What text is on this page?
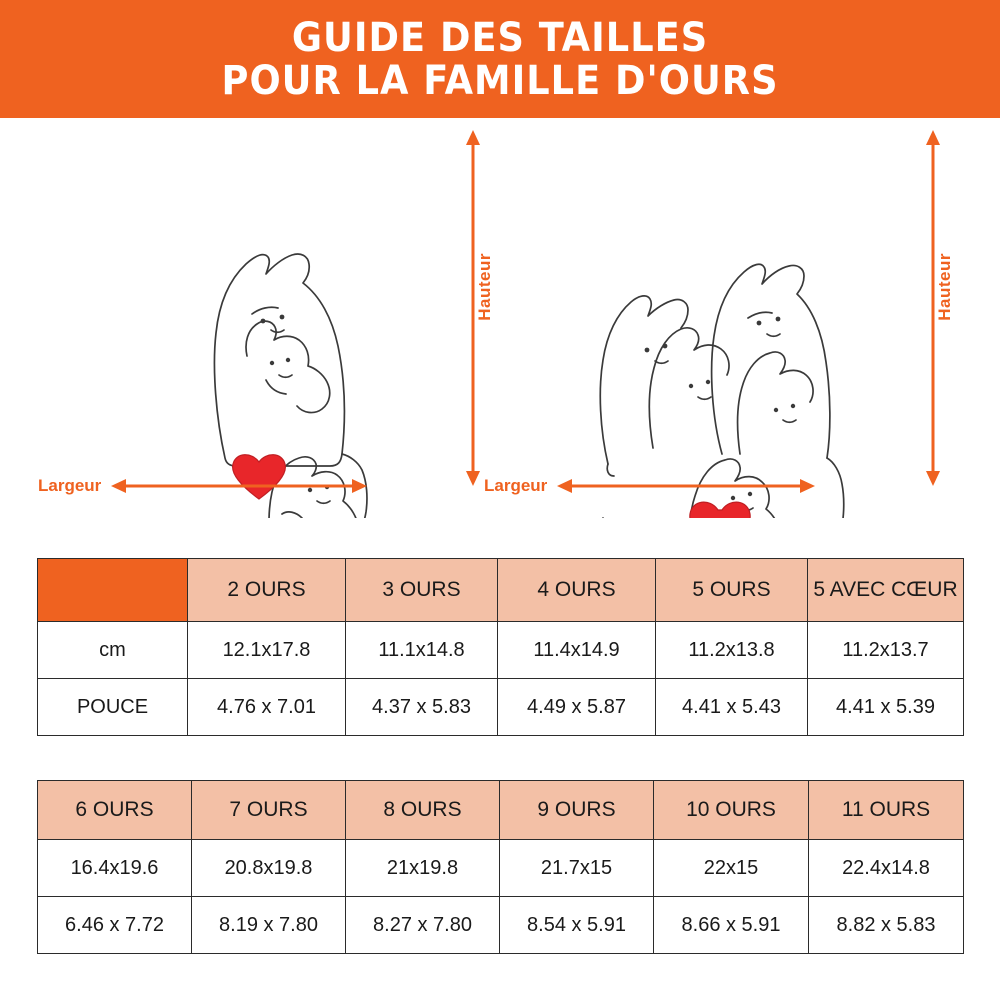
GUIDE DES TAILLES
POUR LA FAMILLE D'OURS
Hauteur
Largeur
Hauteur
Largeur
	2 OURS	3 OURS	4 OURS	5 OURS	5 AVEC CŒUR
cm	12.1x17.8	11.1x14.8	11.4x14.9	11.2x13.8	11.2x13.7
POUCE	4.76 x 7.01	4.37 x 5.83	4.49 x 5.87	4.41 x 5.43	4.41 x 5.39
6 OURS	7 OURS	8 OURS	9 OURS	10 OURS	11 OURS
16.4x19.6	20.8x19.8	21x19.8	21.7x15	22x15	22.4x14.8
6.46 x 7.72	8.19 x 7.80	8.27 x 7.80	8.54 x 5.91	8.66 x 5.91	8.82 x 5.83
